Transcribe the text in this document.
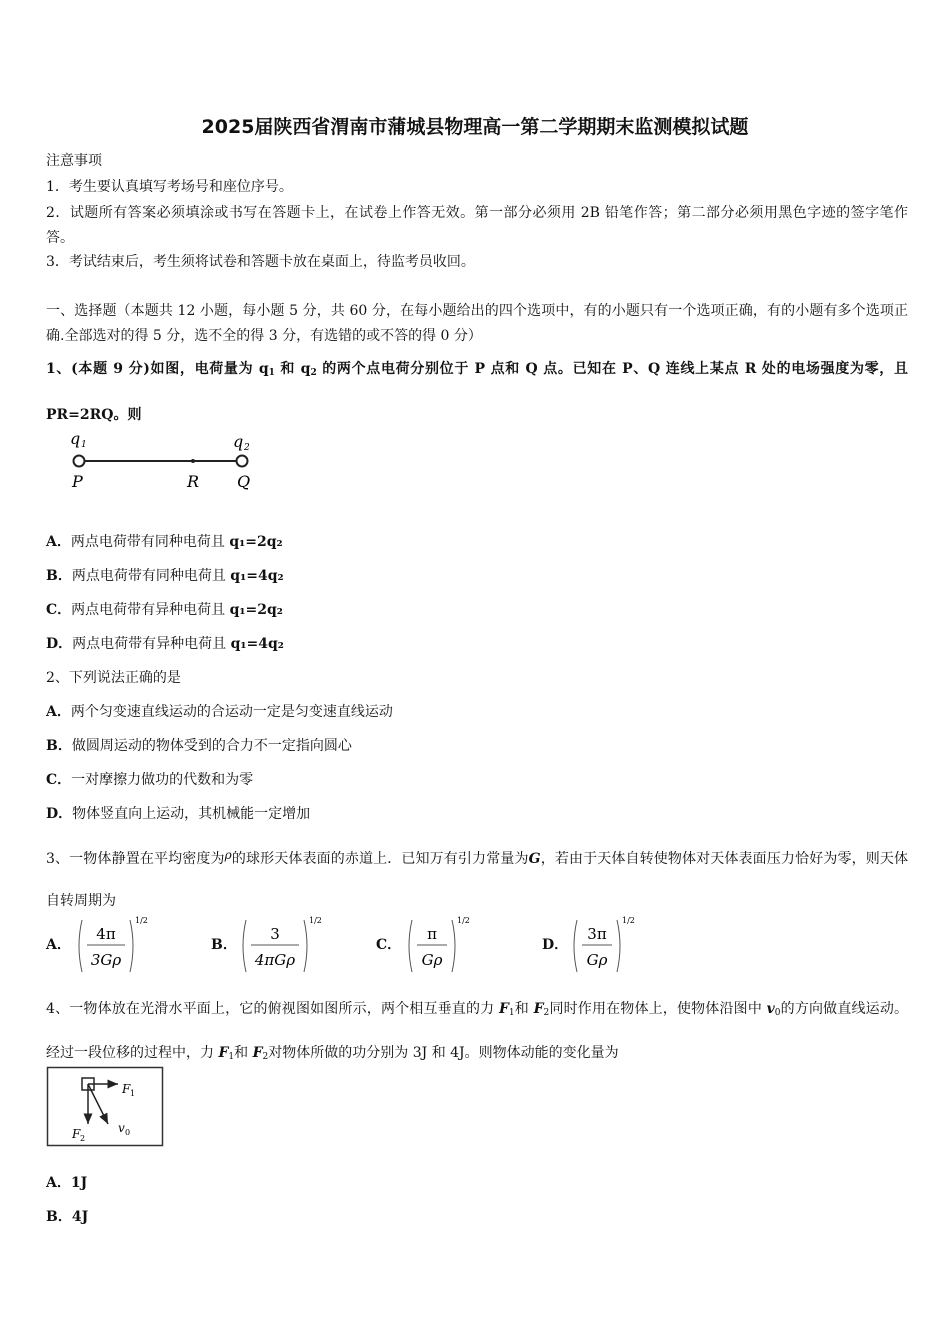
2025届陕西省渭南市蒲城县物理高一第二学期期末监测模拟试题
注意事项
1．考生要认真填写考场号和座位序号。
2．试题所有答案必须填涂或书写在答题卡上，在试卷上作答无效。第一部分必须用 2B 铅笔作答；第二部分必须用黑色字迹的签字笔作答。
3．考试结束后，考生须将试卷和答题卡放在桌面上，待监考员收回。
一、选择题（本题共 12 小题，每小题 5 分，共 60 分，在每小题给出的四个选项中，有的小题只有一个选项正确，有的小题有多个选项正确.全部选对的得 5 分，选不全的得 3 分，有选错的或不答的得 0 分）
1、(本题 9 分)如图，电荷量为 $q_1$ 和 $q_2$ 的两个点电荷分别位于 P 点和 Q 点。已知在 P、Q 连线上某点 R 处的电场强度为零，且 PR=2RQ。则
q 1	q 2
P	R Q
A．两点电荷带有同种电荷且 q₁=2q₂
B．两点电荷带有同种电荷且 q₁=4q₂
C．两点电荷带有异种电荷且 q₁=2q₂
D．两点电荷带有异种电荷且 q₁=4q₂
2、下列说法正确的是
A．两个匀变速直线运动的合运动一定是匀变速直线运动
B．做圆周运动的物体受到的合力不一定指向圆心
C．一对摩擦力做功的代数和为零
D．物体竖直向上运动，其机械能一定增加
3、一物体静置在平均密度为ρ的球形天体表面的赤道上．已知万有引力常量为G，若由于天体自转使物体对天体表面压力恰好为零，则天体自转周期为
A．
4π
3Gρ
1/2
B．
3
4πGρ
1/2
C．
π
Gρ
1/2
D．
3π
Gρ
1/2
4、一物体放在光滑水平面上，它的俯视图如图所示，两个相互垂直的力 $F_1$和 $F_2$同时作用在物体上，使物体沿图中 $v_0$的方向做直线运动。经过一段位移的过程中，力 $F_1$和 $F_2$对物体所做的功分别为 3J 和 4J。则物体动能的变化量为
F 1
F 2
v 0
A．1J
B．4J
